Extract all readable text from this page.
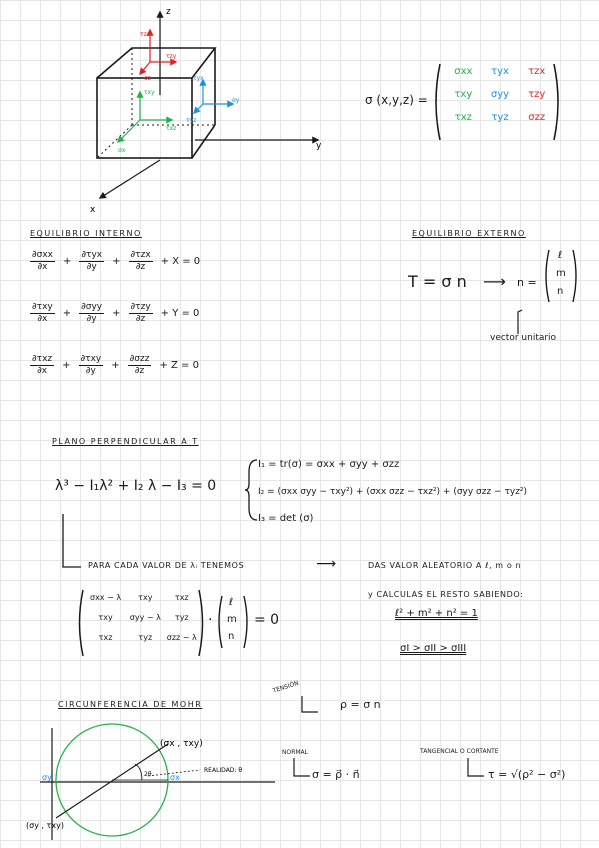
z
y
x
τzx
τzy
σz	τyx
σy
τyz
τxy
τxz
σx
σ (x,y,z) =
σxx	τyx	τzx
τxy	σyy	τzy
τxz	τyz	σzz
EQUILIBRIO INTERNO
$\frac{\text{∂σxx}}{\partial x} + \frac{\text{∂τyx}}{\partial y} + \frac{\text{∂τzx}}{\partial z} + X = 0$
$\frac{\text{∂τxy}}{\partial x} + \frac{\text{∂σyy}}{\partial y} + \frac{\text{∂τzy}}{\partial z} + Y = 0$
$\frac{\text{∂τxz}}{\partial x} + \frac{\text{∂τxy}}{\partial y} + \frac{\text{∂σzz}}{\partial z} + Z = 0$
EQUILIBRIO EXTERNO
T = σ n ⟶ n =
ℓ
m
n
vector unitario
PLANO PERPENDICULAR A T
λ³ − I₁λ² + I₂ λ − I₃ = 0
I₁ = tr(σ) = σxx + σyy + σzz
I₂ = (σxx σyy − τxy²) + (σxx σzz − τxz²) + (σyy σzz − τyz²)
I₃ = det (σ)
PARA CADA VALOR DE λᵢ TENEMOS	⟶	DAS VALOR ALEATORIO A ℓ, m o n
y CALCULAS EL RESTO SABIENDO:
ℓ² + m² + n² = 1
σI > σII > σIII
σxx − λ	τxy	τxz
τxy	σyy − λ	τyz
τxz	τyz	σzz − λ
·
ℓ
m
n
= 0
CIRCUNFERENCIA DE MOHR
(σx , τxy)
(σy , τxy)
σy	σx
2θ
REALIDAD: θ
TENSIÓN
ρ = σ n
NORMAL
σ = ρ⃗ · n⃗
TANGENCIAL O CORTANTE
τ = √(ρ² − σ²)
